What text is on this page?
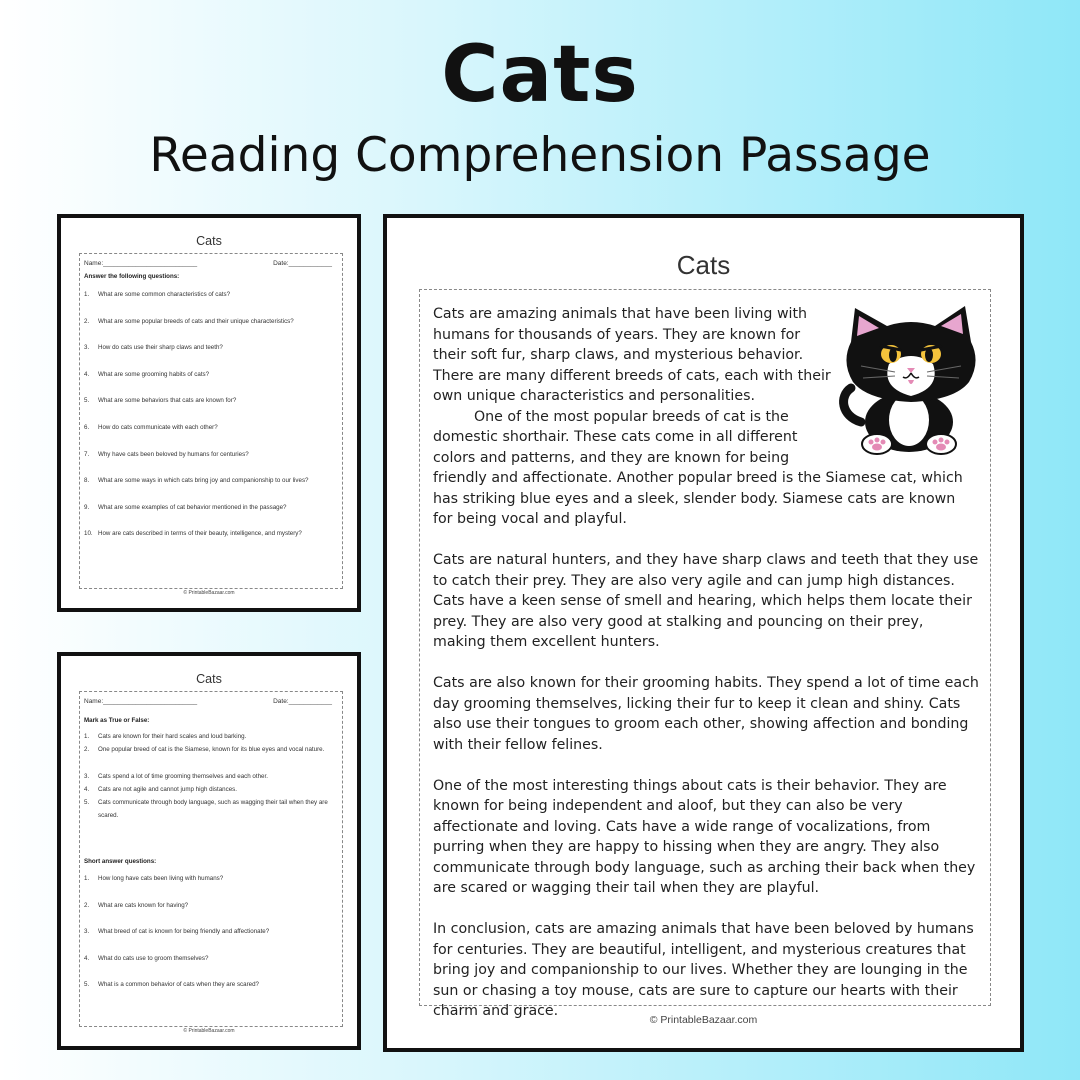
Cats
Reading Comprehension Passage
Cats
Name:__________________________	Date:____________
Answer the following questions:
1. What are some common characteristics of cats?
2. What are some popular breeds of cats and their unique characteristics?
3. How do cats use their sharp claws and teeth?
4. What are some grooming habits of cats?
5. What are some behaviors that cats are known for?
6. How do cats communicate with each other?
7. Why have cats been beloved by humans for centuries?
8. What are some ways in which cats bring joy and companionship to our lives?
9. What are some examples of cat behavior mentioned in the passage?
10. How are cats described in terms of their beauty, intelligence, and mystery?
© PrintableBazaar.com
Cats
Name:__________________________	Date:____________
Mark as True or False:
1. Cats are known for their hard scales and loud barking.
2. One popular breed of cat is the Siamese, known for its blue eyes and vocal nature.
3. Cats spend a lot of time grooming themselves and each other.
4. Cats are not agile and cannot jump high distances.
5. Cats communicate through body language, such as wagging their tail when they are scared.
Short answer questions:
1. How long have cats been living with humans?
2. What are cats known for having?
3. What breed of cat is known for being friendly and affectionate?
4. What do cats use to groom themselves?
5. What is a common behavior of cats when they are scared?
© PrintableBazaar.com
Cats

Cats are amazing animals that have been living with humans for thousands of years. They are known for their soft fur, sharp claws, and mysterious behavior. There are many different breeds of cats, each with their own unique characteristics and personalities.

One of the most popular breeds of cat is the domestic shorthair. These cats come in all different colors and patterns, and they are known for being friendly and affectionate. Another popular breed is the Siamese cat, which has striking blue eyes and a sleek, slender body. Siamese cats are known for being vocal and playful.

Cats are natural hunters, and they have sharp claws and teeth that they use to catch their prey. They are also very agile and can jump high distances. Cats have a keen sense of smell and hearing, which helps them locate their prey. They are also very good at stalking and pouncing on their prey, making them excellent hunters.

Cats are also known for their grooming habits. They spend a lot of time each day grooming themselves, licking their fur to keep it clean and shiny. Cats also use their tongues to groom each other, showing affection and bonding with their fellow felines.

One of the most interesting things about cats is their behavior. They are known for being independent and aloof, but they can also be very affectionate and loving. Cats have a wide range of vocalizations, from purring when they are happy to hissing when they are angry. They also communicate through body language, such as arching their back when they are scared or wagging their tail when they are playful.

In conclusion, cats are amazing animals that have been beloved by humans for centuries. They are beautiful, intelligent, and mysterious creatures that bring joy and companionship to our lives. Whether they are lounging in the sun or chasing a toy mouse, cats are sure to capture our hearts with their charm and grace.

© PrintableBazaar.com
